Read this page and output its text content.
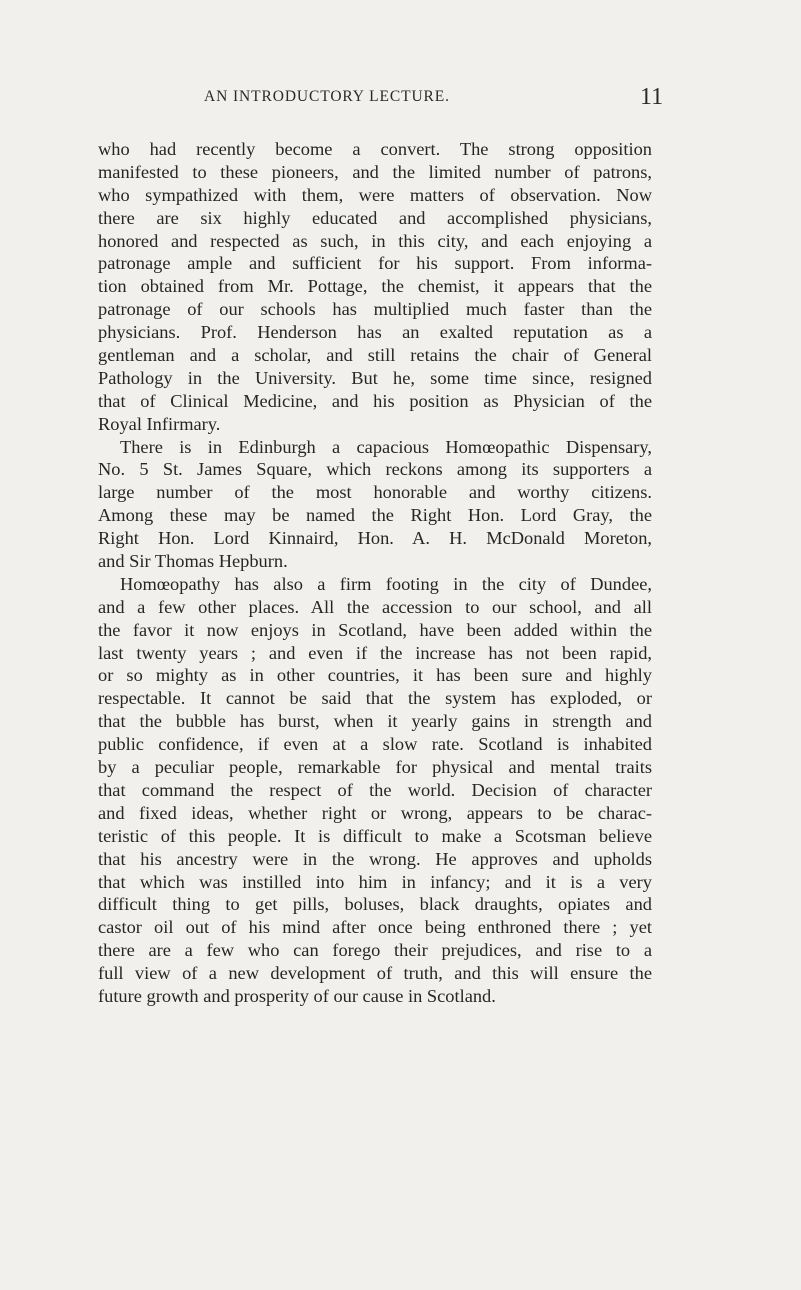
AN INTRODUCTORY LECTURE.	11
who had recently become a convert. The strong opposition
manifested to these pioneers, and the limited number of patrons,
who sympathized with them, were matters of observation. Now
there are six highly educated and accomplished physicians,
honored and respected as such, in this city, and each enjoying a
patronage ample and sufficient for his support. From informa-
tion obtained from Mr. Pottage, the chemist, it appears that the
patronage of our schools has multiplied much faster than the
physicians. Prof. Henderson has an exalted reputation as a
gentleman and a scholar, and still retains the chair of General
Pathology in the University. But he, some time since, resigned
that of Clinical Medicine, and his position as Physician of the
Royal Infirmary.
There is in Edinburgh a capacious Homœopathic Dispensary,
No. 5 St. James Square, which reckons among its supporters a
large number of the most honorable and worthy citizens.
Among these may be named the Right Hon. Lord Gray, the
Right Hon. Lord Kinnaird, Hon. A. H. McDonald Moreton,
and Sir Thomas Hepburn.
Homœopathy has also a firm footing in the city of Dundee,
and a few other places. All the accession to our school, and all
the favor it now enjoys in Scotland, have been added within the
last twenty years ; and even if the increase has not been rapid,
or so mighty as in other countries, it has been sure and highly
respectable. It cannot be said that the system has exploded, or
that the bubble has burst, when it yearly gains in strength and
public confidence, if even at a slow rate. Scotland is inhabited
by a peculiar people, remarkable for physical and mental traits
that command the respect of the world. Decision of character
and fixed ideas, whether right or wrong, appears to be charac-
teristic of this people. It is difficult to make a Scotsman believe
that his ancestry were in the wrong. He approves and upholds
that which was instilled into him in infancy; and it is a very
difficult thing to get pills, boluses, black draughts, opiates and
castor oil out of his mind after once being enthroned there ; yet
there are a few who can forego their prejudices, and rise to a
full view of a new development of truth, and this will ensure the
future growth and prosperity of our cause in Scotland.
